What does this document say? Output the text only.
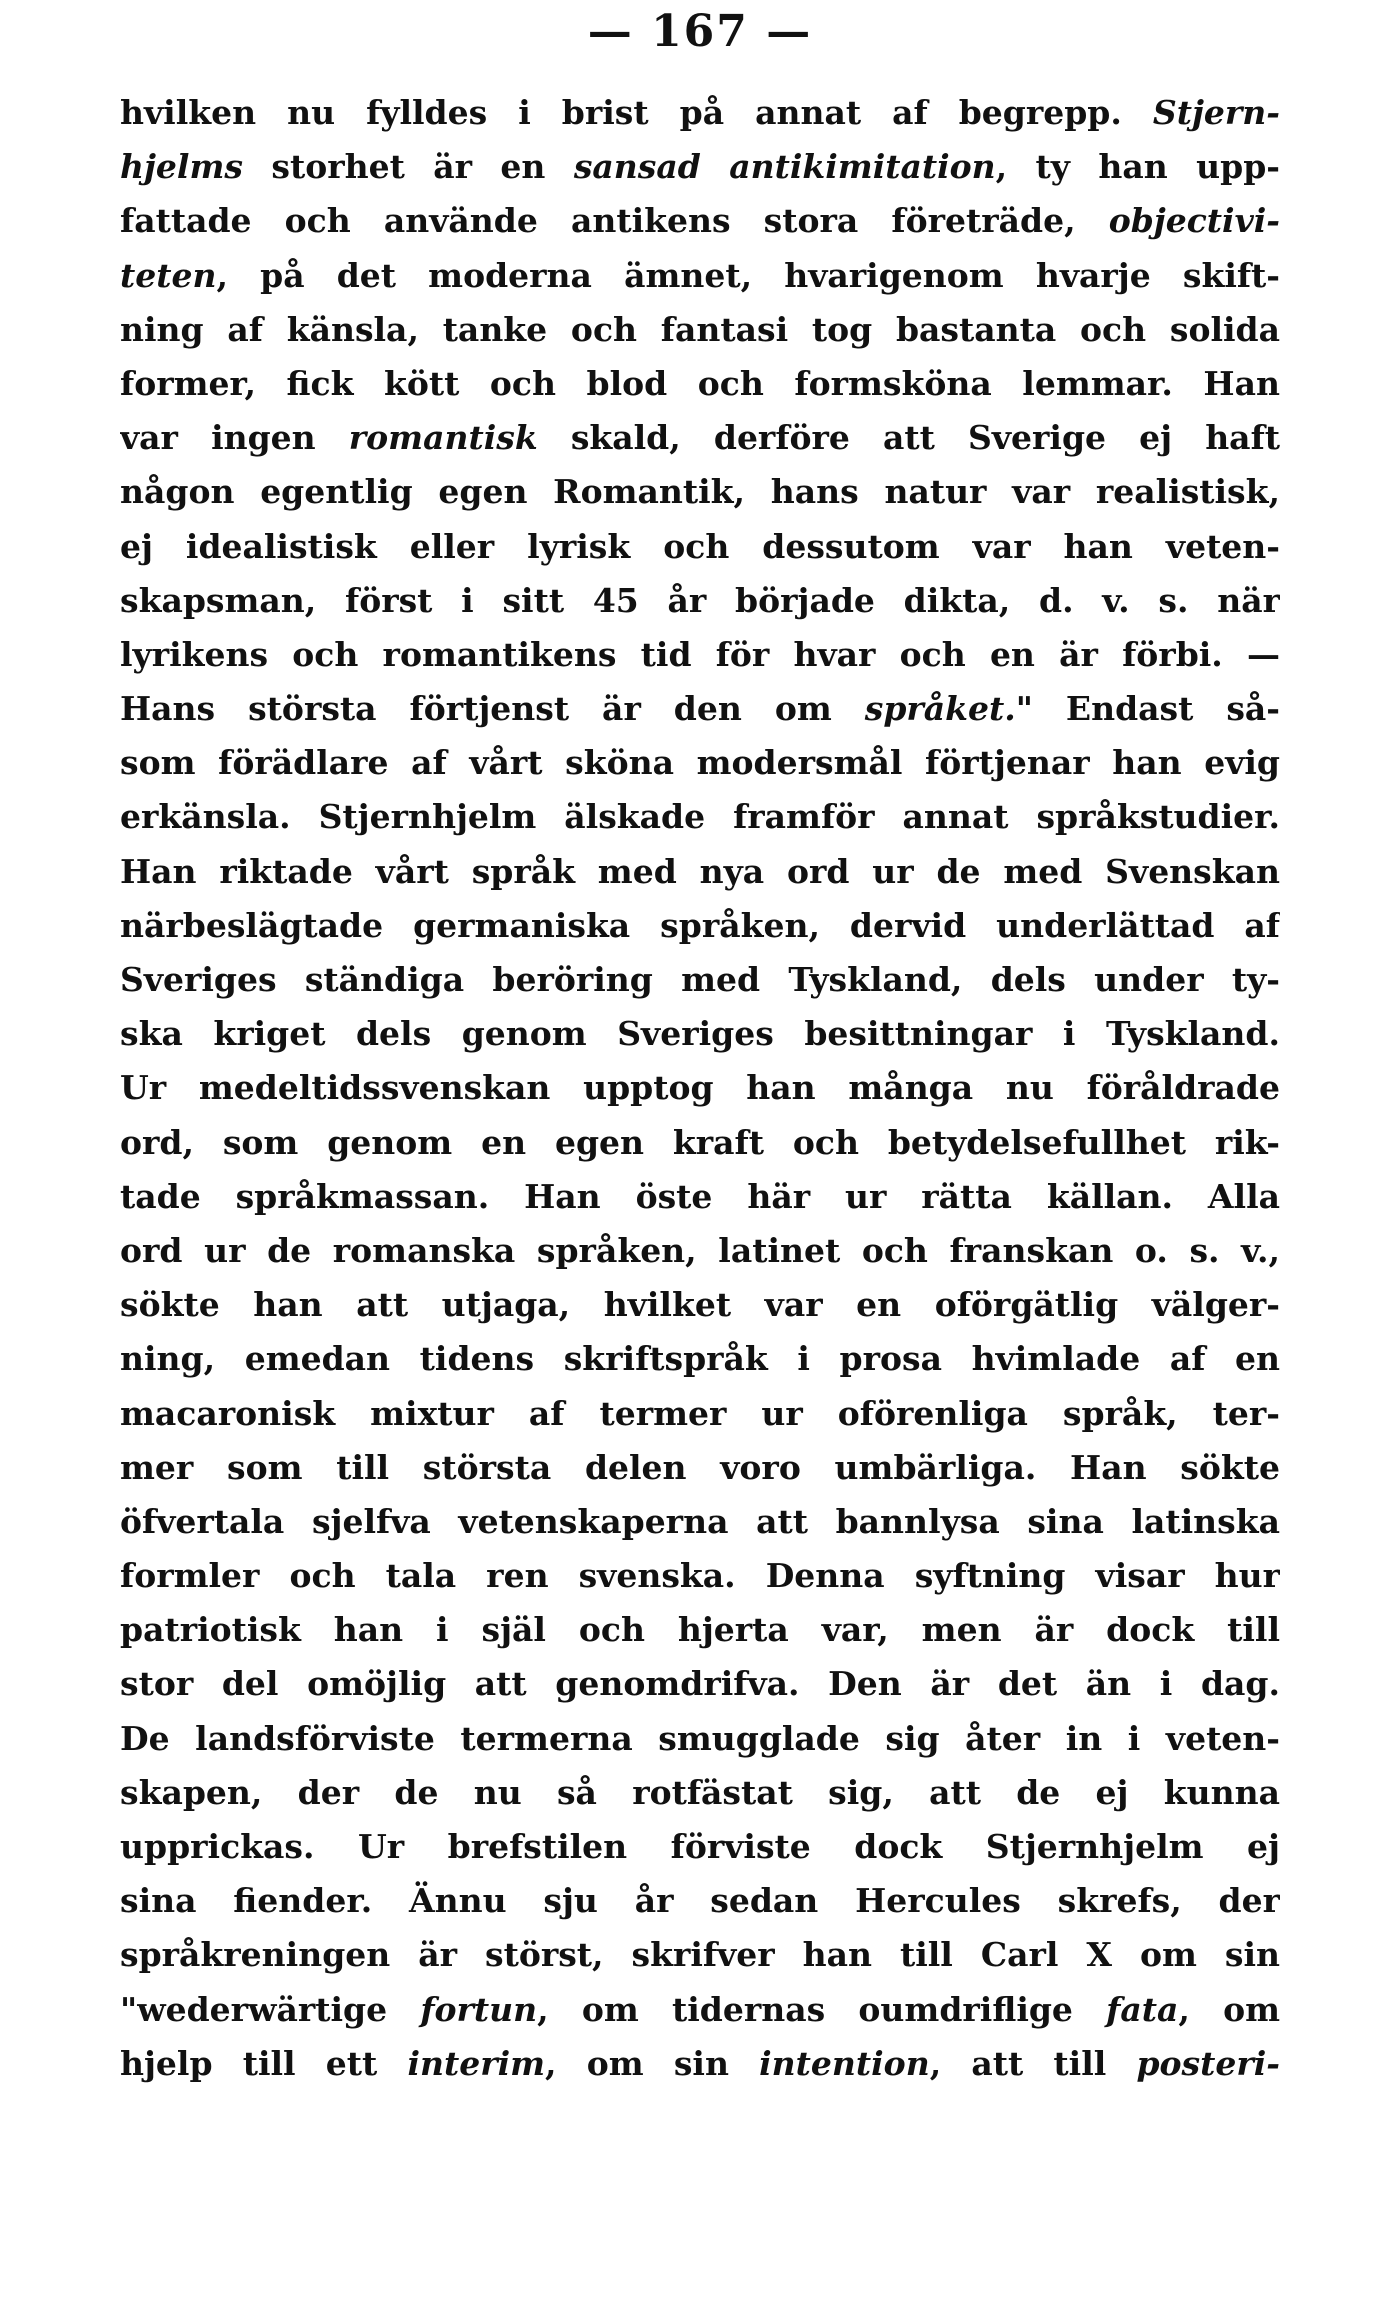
— 167 —
hvilken nu fylldes i brist på annat af begrepp. Stjern-
hjelms storhet är en sansad antikimitation, ty han upp-
fattade och använde antikens stora företräde, objectivi-
teten, på det moderna ämnet, hvarigenom hvarje skift-
ning af känsla, tanke och fantasi tog bastanta och solida
former, fick kött och blod och formsköna lemmar. Han
var ingen romantisk skald, derföre att Sverige ej haft
någon egentlig egen Romantik, hans natur var realistisk,
ej idealistisk eller lyrisk och dessutom var han veten-
skapsman, först i sitt 45 år började dikta, d. v. s. när
lyrikens och romantikens tid för hvar och en är förbi. —
Hans största förtjenst är den om språket." Endast så-
som förädlare af vårt sköna modersmål förtjenar han evig
erkänsla. Stjernhjelm älskade framför annat språkstudier.
Han riktade vårt språk med nya ord ur de med Svenskan
närbeslägtade germaniska språken, dervid underlättad af
Sveriges ständiga beröring med Tyskland, dels under ty-
ska kriget dels genom Sveriges besittningar i Tyskland.
Ur medeltidssvenskan upptog han många nu föråldrade
ord, som genom en egen kraft och betydelsefullhet rik-
tade språkmassan. Han öste här ur rätta källan. Alla
ord ur de romanska språken, latinet och franskan o. s. v.,
sökte han att utjaga, hvilket var en oförgätlig välger-
ning, emedan tidens skriftspråk i prosa hvimlade af en
macaronisk mixtur af termer ur oförenliga språk, ter-
mer som till största delen voro umbärliga. Han sökte
öfvertala sjelfva vetenskaperna att bannlysa sina latinska
formler och tala ren svenska. Denna syftning visar hur
patriotisk han i själ och hjerta var, men är dock till
stor del omöjlig att genomdrifva. Den är det än i dag.
De landsförviste termerna smugglade sig åter in i veten-
skapen, der de nu så rotfästat sig, att de ej kunna
upprickas. Ur brefstilen förviste dock Stjernhjelm ej
sina fiender. Ännu sju år sedan Hercules skrefs, der
språkreningen är störst, skrifver han till Carl X om sin
"wederwärtige fortun, om tidernas oumdriflige fata, om
hjelp till ett interim, om sin intention, att till posteri-
